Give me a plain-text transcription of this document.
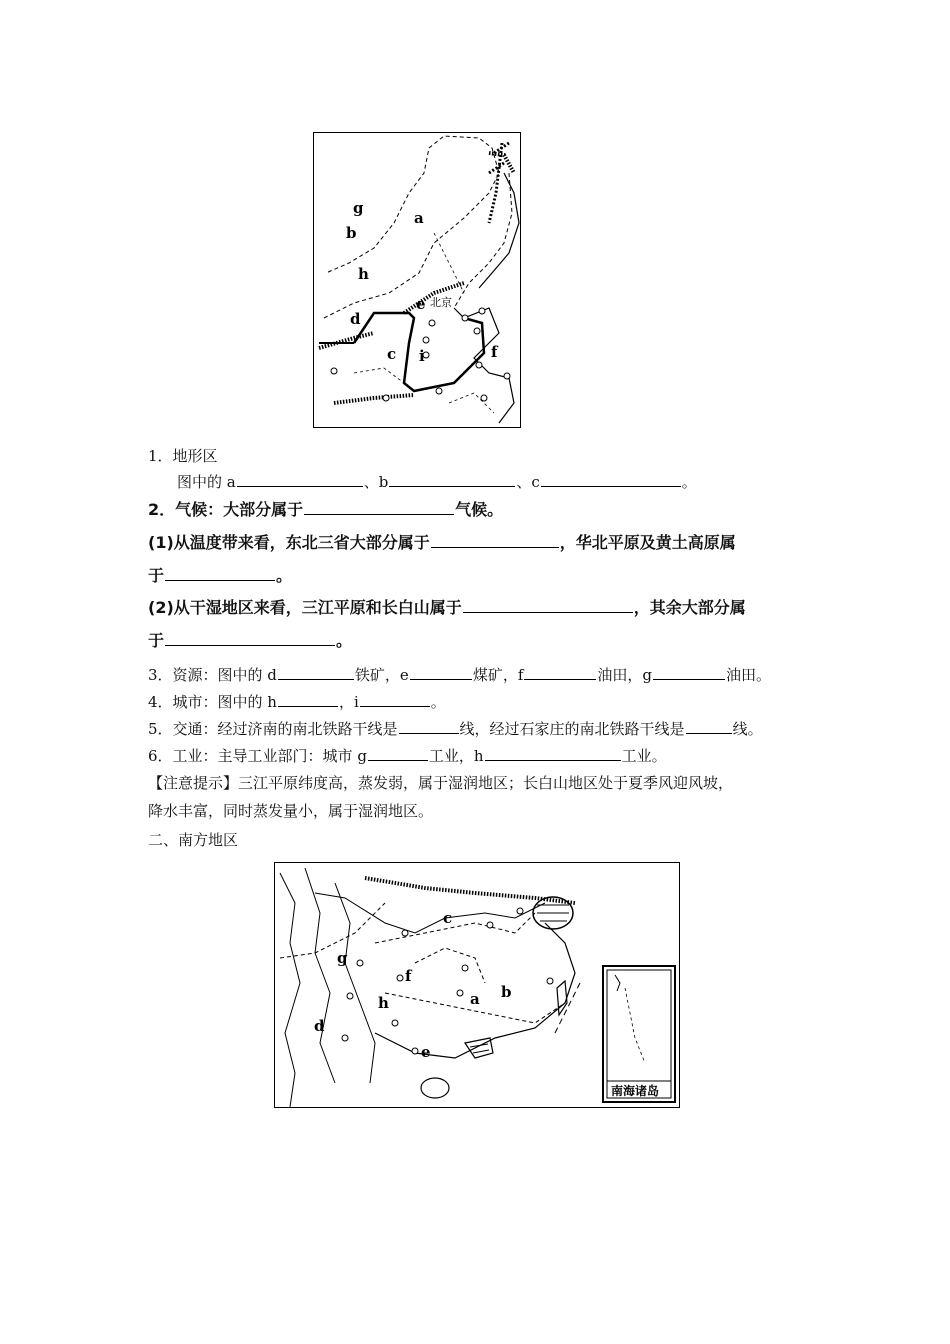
a
b
g
h
d
e 北京
f
c i
1．地形区
图中的 a	、b	、c	。
2．气候：大部分属于	气候。
(1)从温度带来看，东北三省大部分属于	，华北平原及黄土高原属
于	。
(2)从干湿地区来看，三江平原和长白山属于	，其余大部分属
于	。
3．资源：图中的 d	铁矿，e	煤矿，f	油田，g	油田。
4．城市：图中的 h	，i	。
5．交通：经过济南的南北铁路干线是	线，经过石家庄的南北铁路干线是	线。
6．工业：主导工业部门：城市 g	工业，h	工业。
【注意提示】三江平原纬度高，蒸发弱，属于湿润地区；长白山地区处于夏季风迎风坡，
降水丰富，同时蒸发量小，属于湿润地区。
二、南方地区
c
g
f
h	a b
d
e
南海诸岛
